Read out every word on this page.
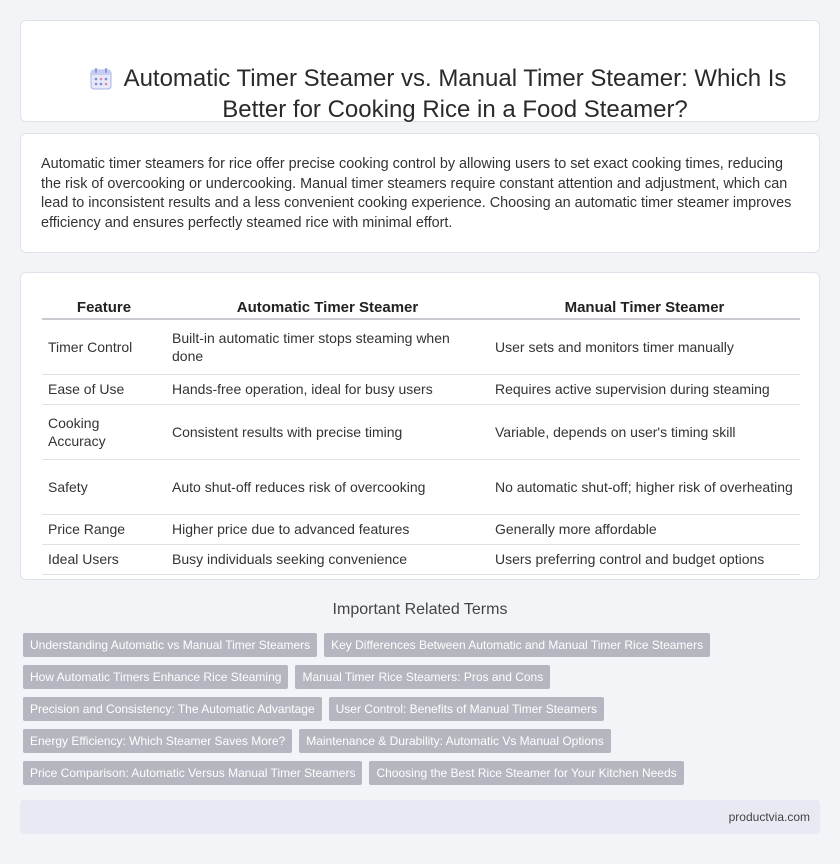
Automatic Timer Steamer vs. Manual Timer Steamer: Which Is Better for Cooking Rice in a Food Steamer?

Automatic timer steamers for rice offer precise cooking control by allowing users to set exact cooking times, reducing the risk of overcooking or undercooking. Manual timer steamers require constant attention and adjustment, which can lead to inconsistent results and a less convenient cooking experience. Choosing an automatic timer steamer improves efficiency and ensures perfectly steamed rice with minimal effort.

Feature	Automatic Timer Steamer	Manual Timer Steamer
Timer Control	Built-in automatic timer stops steaming when done	User sets and monitors timer manually
Ease of Use	Hands-free operation, ideal for busy users	Requires active supervision during steaming
Cooking Accuracy	Consistent results with precise timing	Variable, depends on user's timing skill
Safety	Auto shut-off reduces risk of overcooking	No automatic shut-off; higher risk of overheating
Price Range	Higher price due to advanced features	Generally more affordable
Ideal Users	Busy individuals seeking convenience	Users preferring control and budget options
Important Related Terms
Understanding Automatic vs Manual Timer Steamers Key Differences Between Automatic and Manual Timer Rice Steamers
How Automatic Timers Enhance Rice Steaming Manual Timer Rice Steamers: Pros and Cons
Precision and Consistency: The Automatic Advantage User Control: Benefits of Manual Timer Steamers
Energy Efficiency: Which Steamer Saves More? Maintenance & Durability: Automatic Vs Manual Options
Price Comparison: Automatic Versus Manual Timer Steamers Choosing the Best Rice Steamer for Your Kitchen Needs
productvia.com
